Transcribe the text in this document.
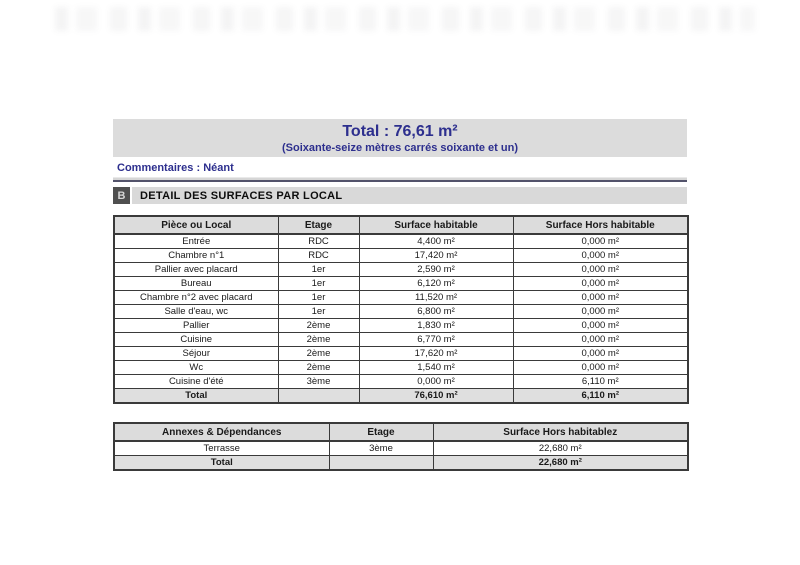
Total : 76,61 m²
(Soixante-seize mètres carrés soixante et un)
Commentaires : Néant
B	DETAIL DES SURFACES PAR LOCAL
Pièce ou Local	Etage	Surface habitable	Surface Hors habitable
Entrée	RDC	4,400 m²	0,000 m²
Chambre n°1	RDC	17,420 m²	0,000 m²
Pallier avec placard	1er	2,590 m²	0,000 m²
Bureau	1er	6,120 m²	0,000 m²
Chambre n°2 avec placard	1er	11,520 m²	0,000 m²
Salle d'eau, wc	1er	6,800 m²	0,000 m²
Pallier	2ème	1,830 m²	0,000 m²
Cuisine	2ème	6,770 m²	0,000 m²
Séjour	2ème	17,620 m²	0,000 m²
Wc	2ème	1,540 m²	0,000 m²
Cuisine d'été	3ème	0,000 m²	6,110 m²
Total		76,610 m²	6,110 m²
Annexes & Dépendances	Etage	Surface Hors habitablez
Terrasse	3ème	22,680 m²
Total		22,680 m²
